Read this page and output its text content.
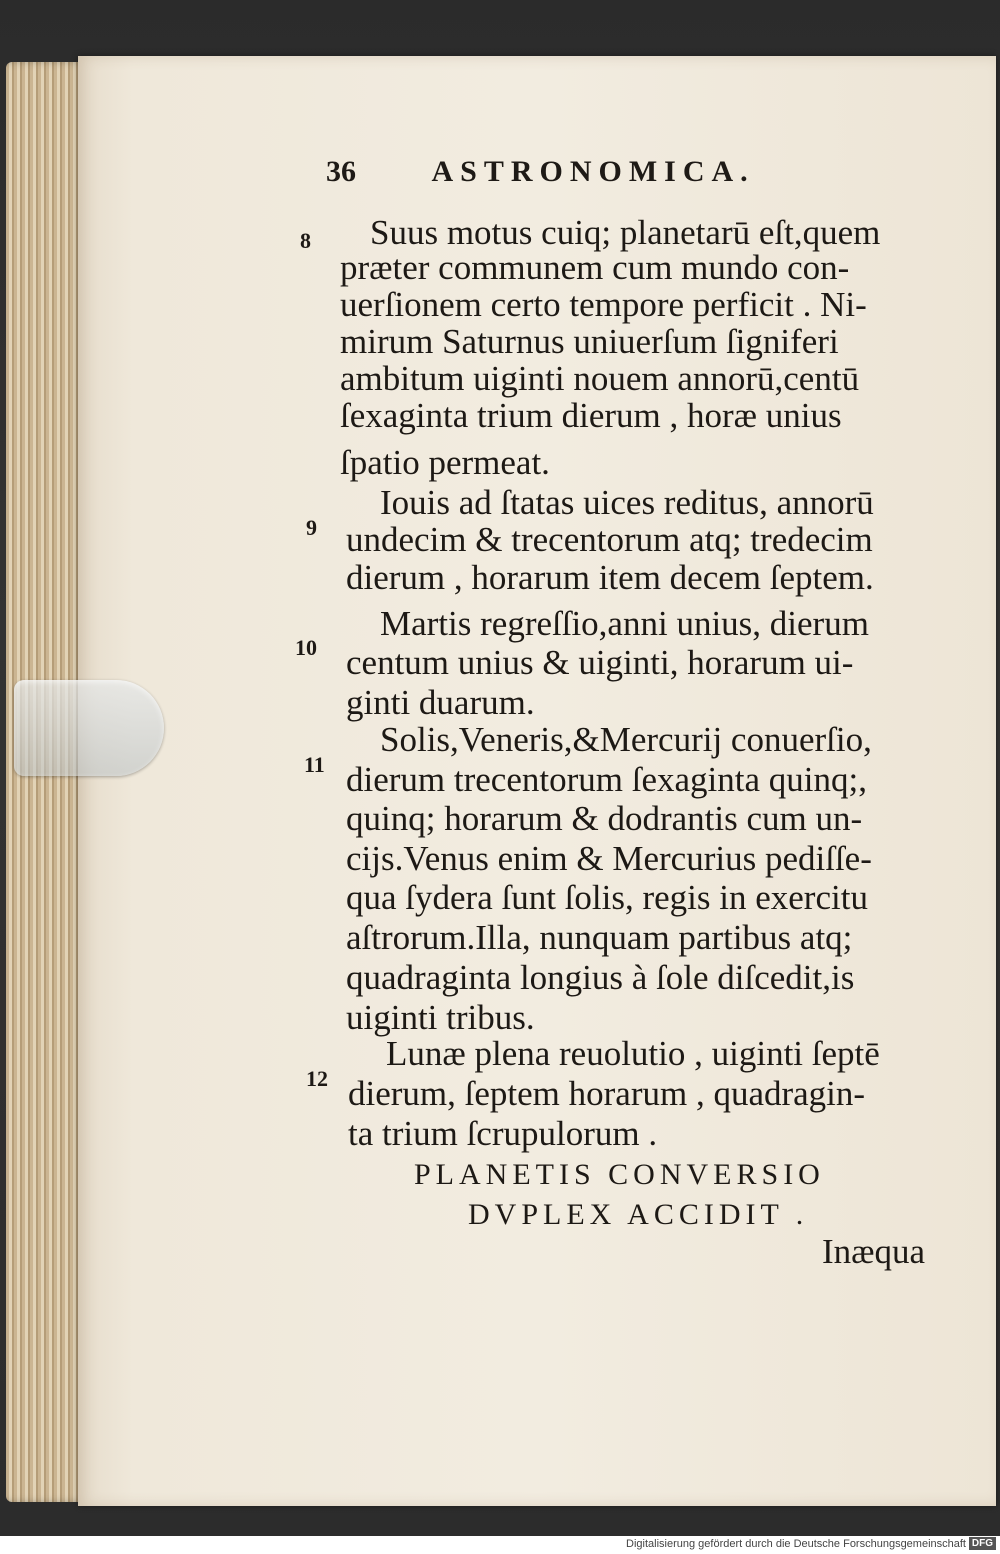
36	ASTRONOMICA.
8 Suus motus cuiq; planetarū eſt,quem
præter communem cum mundo con-
uerſionem certo tempore perficit . Ni-
mirum Saturnus uniuerſum ſigniferi
ambitum uiginti nouem annorū,centū
ſexaginta trium dierum , horæ unius
ſpatio permeat.
9
Iouis ad ſtatas uices reditus, annorū
undecim & trecentorum atq; tredecim
dierum , horarum item decem ſeptem.
10
Martis regreſſio,anni unius, dierum
centum unius & uiginti, horarum ui-
ginti duarum.
11
Solis,Veneris,&Mercurij conuerſio,
dierum trecentorum ſexaginta quinq;,
quinq; horarum & dodrantis cum un-
cijs.Venus enim & Mercurius pediſſe-
qua ſydera ſunt ſolis, regis in exercitu
aſtrorum.Illa, nunquam partibus atq;
quadraginta longius à ſole diſcedit,is
uiginti tribus.
12
Lunæ plena reuolutio , uiginti ſeptē
dierum, ſeptem horarum , quadragin-
ta trium ſcrupulorum .
PLANETIS CONVERSIO
DVPLEX ACCIDIT .
Inæqua
Digitalisierung gefördert durch die Deutsche Forschungsgemeinschaft DFG
